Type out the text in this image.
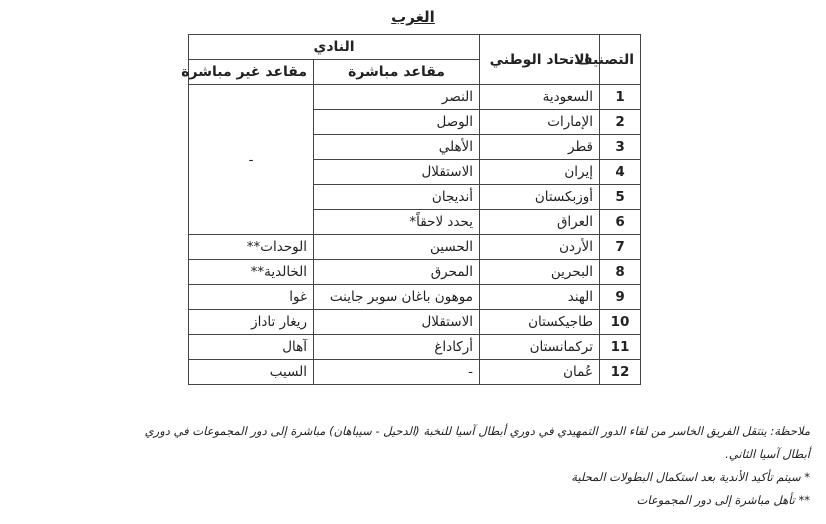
الغرب
التصنيف	الاتحاد الوطني	النادي	
		مقاعد مباشرة	مقاعد غير مباشرة
1	السعودية	النصر	-
2	الإمارات	الوصل	
3	قطر	الأهلي	
4	إيران	الاستقلال	
5	أوزبكستان	أنديجان	
6	العراق	يحدد لاحقاً*	
7	الأردن	الحسين	الوحدات**
8	البحرين	المحرق	الخالدية**
9	الهند	موهون باغان سوبر جاينت	غوا
10	طاجيكستان	الاستقلال	ريغار تاداز
11	تركمانستان	أركاداغ	آهال
12	عُمان	-	السيب

ملاحظة: ينتقل الفريق الخاسر من لقاء الدور التمهيدي في دوري أبطال آسيا للنخبة (الدحيل - سيباهان) مباشرة إلى دور المجموعات في دوري أبطال آسيا الثاني.

* سيتم تأكيد الأندية بعد استكمال البطولات المحلية

** تأهل مباشرة إلى دور المجموعات
